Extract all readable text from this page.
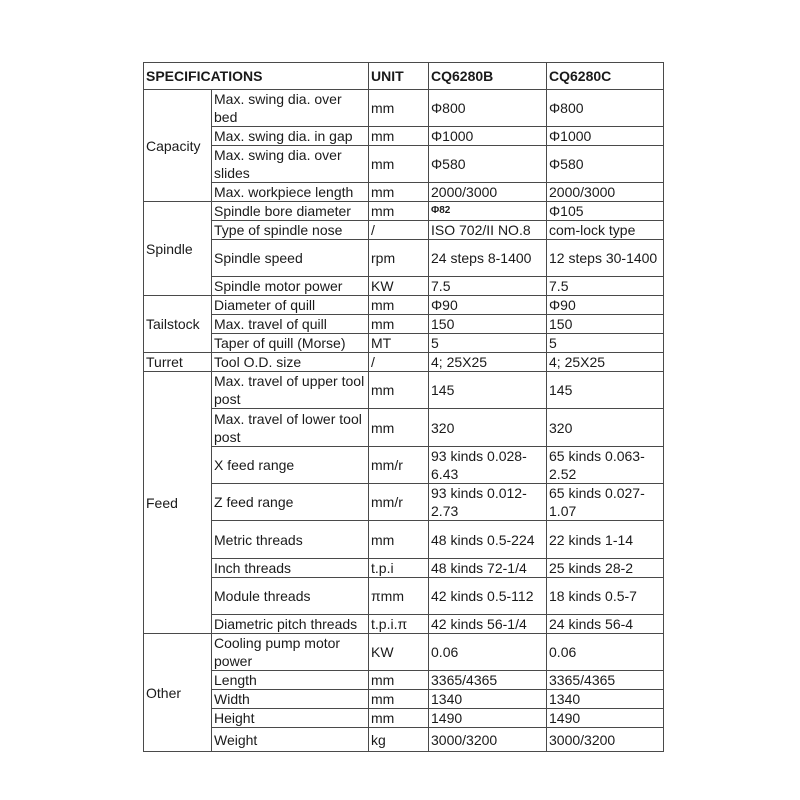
SPECIFICATIONS		UNIT	CQ6280B	CQ6280C
Capacity	Max. swing dia. over bed	mm	Φ800	Φ800
	Max. swing dia. in gap	mm	Φ1000	Φ1000
	Max. swing dia. over slides	mm	Φ580	Φ580
	Max. workpiece length	mm	2000/3000	2000/3000
Spindle	Spindle bore diameter	mm	Φ82	Φ105
	Type of spindle nose	/	ISO 702/II NO.8	com-lock type
	Spindle speed	rpm	24 steps 8-1400	12 steps 30-1400
	Spindle motor power	KW	7.5	7.5
Tailstock	Diameter of quill	mm	Φ90	Φ90
	Max. travel of quill	mm	150	150
	Taper of quill (Morse)	MT	5	5
Turret	Tool O.D. size	/	4; 25X25	4; 25X25
Feed	Max. travel of upper tool post	mm	145	145
	Max. travel of lower tool post	mm	320	320
	X feed range	mm/r	93 kinds 0.028-6.43	65 kinds 0.063-2.52
	Z feed range	mm/r	93 kinds 0.012-2.73	65 kinds 0.027-1.07
	Metric threads	mm	48 kinds 0.5-224	22 kinds 1-14
	Inch threads	t.p.i	48 kinds 72-1/4	25 kinds 28-2
	Module threads	πmm	42 kinds 0.5-112	18 kinds 0.5-7
	Diametric pitch threads	t.p.i.π	42 kinds 56-1/4	24 kinds 56-4
Other	Cooling pump motor power	KW	0.06	0.06
	Length	mm	3365/4365	3365/4365
	Width	mm	1340	1340
	Height	mm	1490	1490
	Weight	kg	3000/3200	3000/3200
